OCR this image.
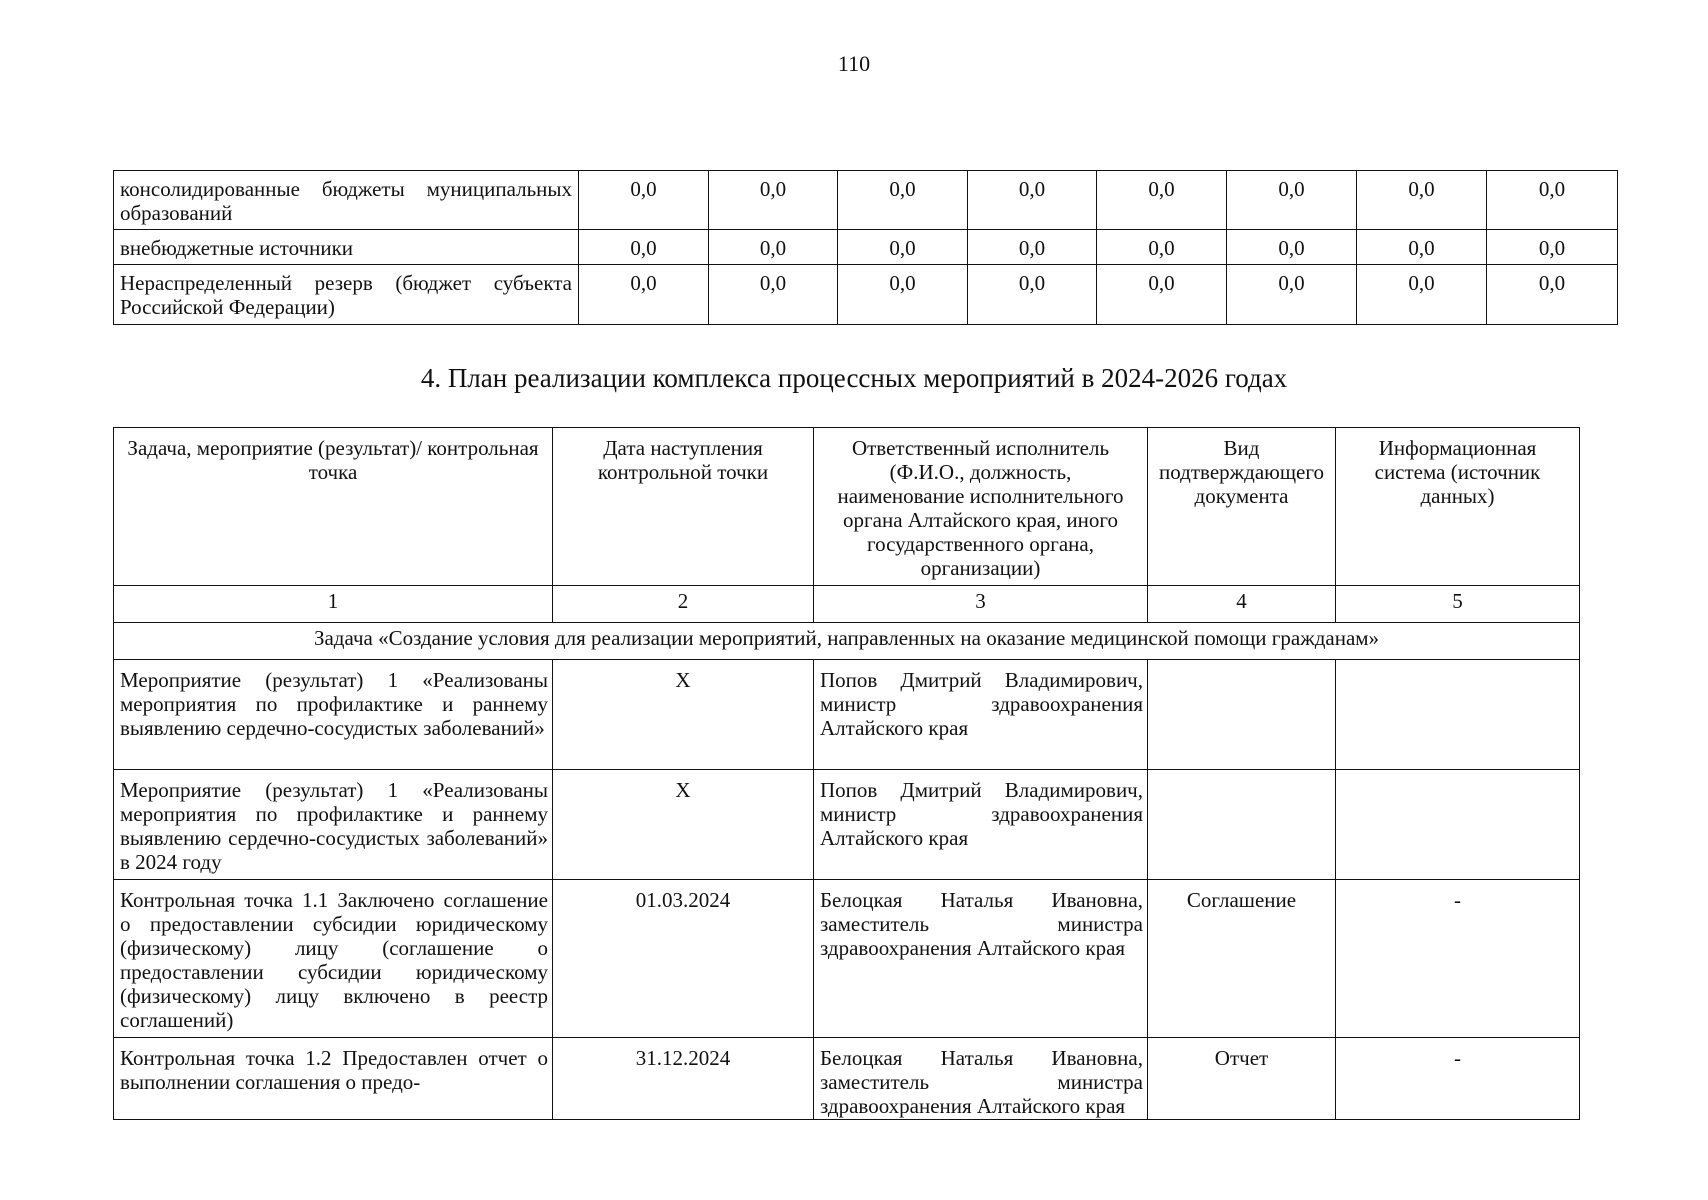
110
консолидированные бюджеты муниципальных образований	0,0	0,0	0,0	0,0	0,0	0,0	0,0	0,0
внебюджетные источники	0,0	0,0	0,0	0,0	0,0	0,0	0,0	0,0
Нераспределенный резерв (бюджет субъекта Российской Федерации)	0,0	0,0	0,0	0,0	0,0	0,0	0,0	0,0
4. План реализации комплекса процессных мероприятий в 2024-2026 годах
Задача, мероприятие (результат)/ контрольная точка	Дата наступления контрольной точки	Ответственный исполнитель (Ф.И.О., должность, наименование исполнительного органа Алтайского края, иного государственного органа, организации)	Вид подтверждающего документа	Информационная система (источник данных)
1	2	3	4	5
Задача «Создание условия для реализации мероприятий, направленных на оказание медицинской помощи гражданам»				
Мероприятие (результат) 1 «Реализованы мероприятия по профилактике и раннему выявлению сердечно-сосудистых заболеваний»	Х	Попов Дмитрий Владимирович, министр здравоохранения Алтайского края		
Мероприятие (результат) 1 «Реализованы мероприятия по профилактике и раннему выявлению сердечно-сосудистых заболеваний» в 2024 году	Х	Попов Дмитрий Владимирович, министр здравоохранения Алтайского края		
Контрольная точка 1.1 Заключено соглашение о предоставлении субсидии юридическому (физическому) лицу (соглашение о предоставлении субсидии юридическому (физическому) лицу включено в реестр соглашений)	01.03.2024	Белоцкая Наталья Ивановна, заместитель министра здравоохранения Алтайского края	Соглашение	-
Контрольная точка 1.2 Предоставлен отчет о выполнении соглашения о предо-	31.12.2024	Белоцкая Наталья Ивановна, заместитель министра здравоохранения Алтайского края	Отчет	-
